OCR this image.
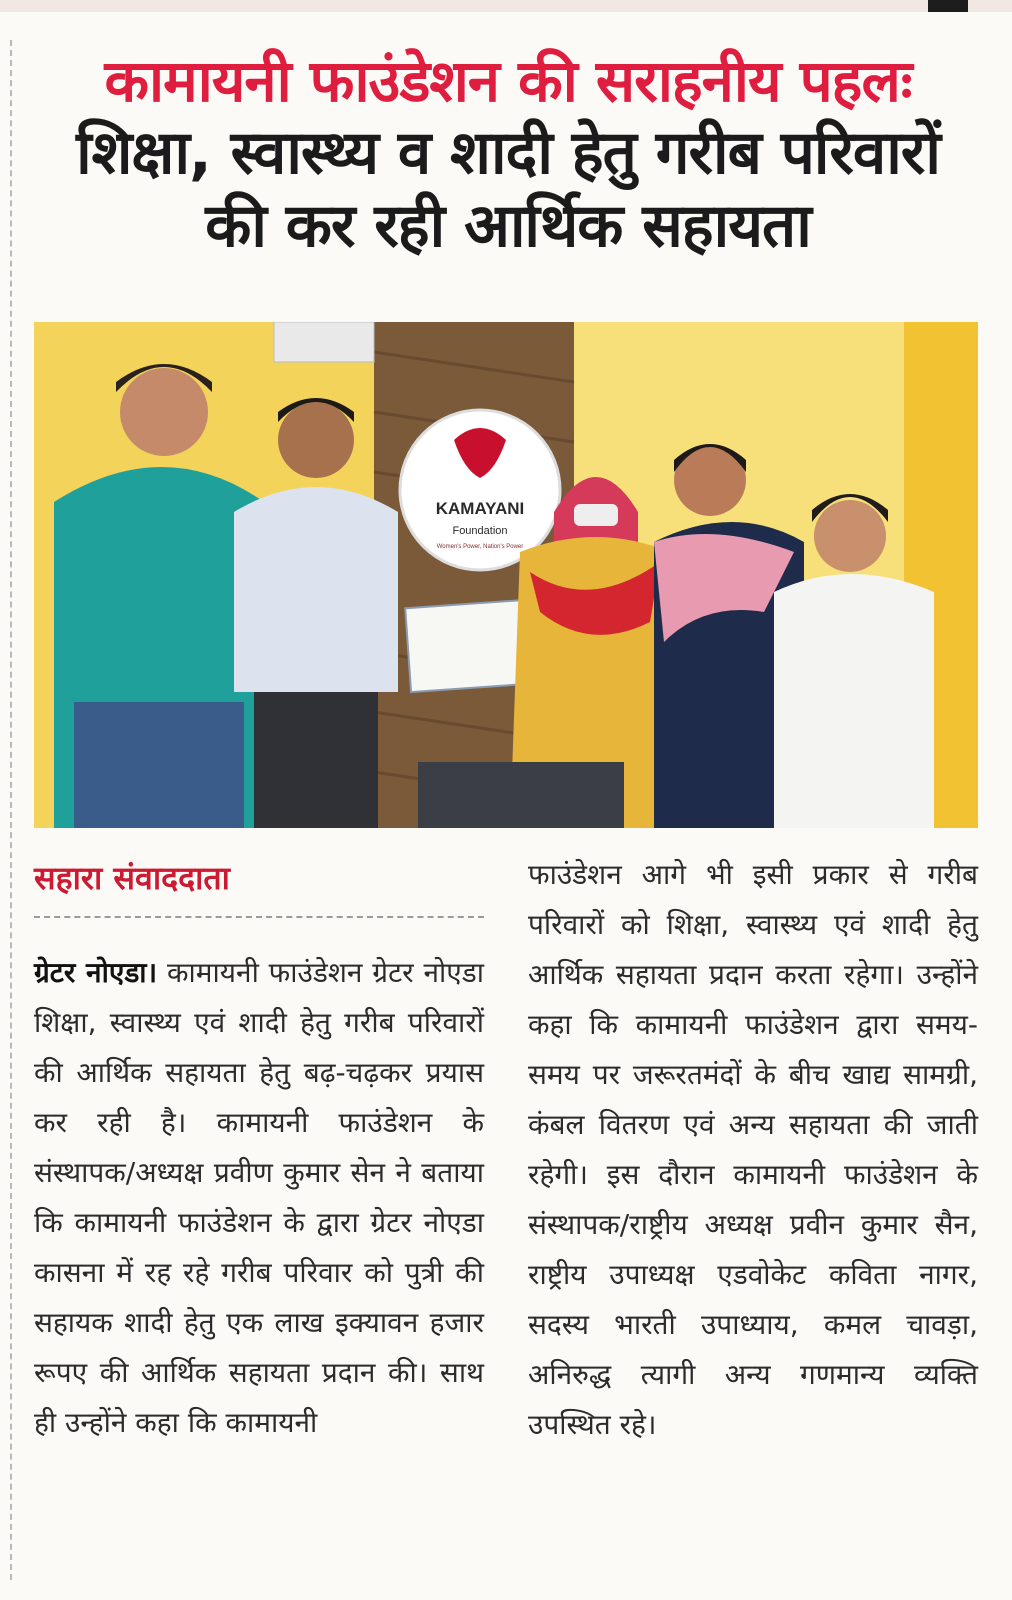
कामायनी फाउंडेशन की सराहनीय पहलः
शिक्षा, स्वास्थ्य व शादी हेतु गरीब परिवारों
की कर रही आर्थिक सहायता
KAMAYANI
Foundation
Women's Power, Nation's Power
सहारा संवाददाता
ग्रेटर नोएडा। कामायनी फाउंडेशन ग्रेटर नोएडा शिक्षा, स्वास्थ्य एवं शादी हेतु गरीब परिवारों की आर्थिक सहायता हेतु बढ़-चढ़कर प्रयास कर रही है। कामायनी फाउंडेशन के संस्थापक/अध्यक्ष प्रवीण कुमार सेन ने बताया कि कामायनी फाउंडेशन के द्वारा ग्रेटर नोएडा कासना में रह रहे गरीब परिवार को पुत्री की सहायक शादी हेतु एक लाख इक्यावन हजार रूपए की आर्थिक सहायता प्रदान की। साथ ही उन्होंने कहा कि कामायनी
फाउंडेशन आगे भी इसी प्रकार से गरीब परिवारों को शिक्षा, स्वास्थ्य एवं शादी हेतु आर्थिक सहायता प्रदान करता रहेगा। उन्होंने कहा कि कामायनी फाउंडेशन द्वारा समय-समय पर जरूरतमंदों के बीच खाद्य सामग्री, कंबल वितरण एवं अन्य सहायता की जाती रहेगी। इस दौरान कामायनी फाउंडेशन के संस्थापक/राष्ट्रीय अध्यक्ष प्रवीन कुमार सैन, राष्ट्रीय उपाध्यक्ष एडवोकेट कविता नागर, सदस्य भारती उपाध्याय, कमल चावड़ा, अनिरुद्ध त्यागी अन्य गणमान्य व्यक्ति उपस्थित रहे।
